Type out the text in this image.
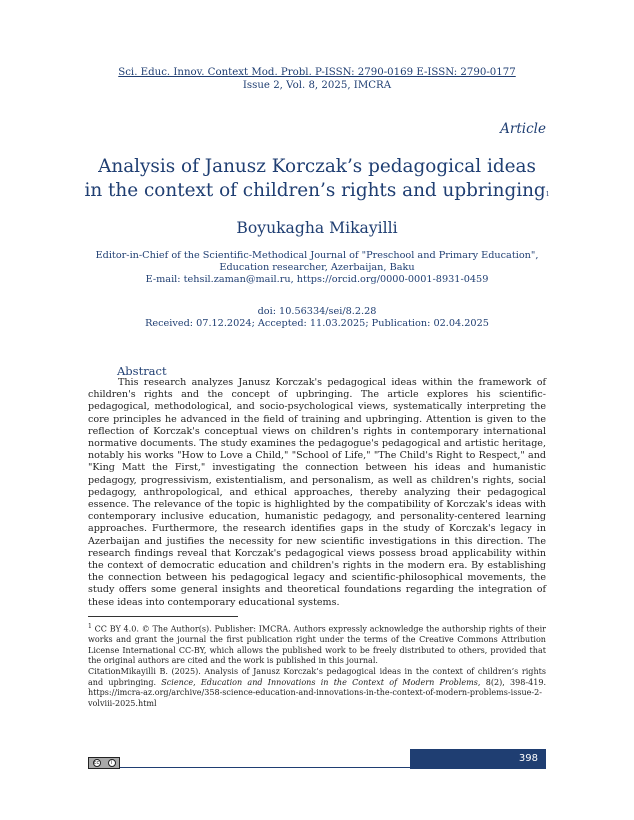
Sci. Educ. Innov. Context Mod. Probl. P-ISSN: 2790-0169 E-ISSN: 2790-0177
Issue 2, Vol. 8, 2025, IMCRA
Article
Analysis of Janusz Korczak’s pedagogical ideas
in the context of children’s rights and upbringing1
Boyukagha Mikayilli
Editor-in-Chief of the Scientific-Methodical Journal of "Preschool and Primary Education",
Education researcher, Azerbaijan, Baku
E-mail: tehsil.zaman@mail.ru, https://orcid.org/0000-0001-8931-0459
doi: 10.56334/sei/8.2.28
Received: 07.12.2024; Accepted: 11.03.2025; Publication: 02.04.2025
Abstract

This research analyzes Janusz Korczak's pedagogical ideas within the framework of children's rights and the concept of upbringing. The article explores his scientific-pedagogical, methodological, and socio-psychological views, systematically interpreting the core principles he advanced in the field of training and upbringing. Attention is given to the reflection of Korczak's conceptual views on children's rights in contemporary international normative documents. The study examines the pedagogue's pedagogical and artistic heritage, notably his works "How to Love a Child," "School of Life," "The Child's Right to Respect," and "King Matt the First," investigating the connection between his ideas and humanistic pedagogy, progressivism, existentialism, and personalism, as well as children's rights, social pedagogy, anthropological, and ethical approaches, thereby analyzing their pedagogical essence. The relevance of the topic is highlighted by the compatibility of Korczak's ideas with contemporary inclusive education, humanistic pedagogy, and personality-centered learning approaches. Furthermore, the research identifies gaps in the study of Korczak's legacy in Azerbaijan and justifies the necessity for new scientific investigations in this direction. The research findings reveal that Korczak's pedagogical views possess broad applicability within the context of democratic education and children's rights in the modern era. By establishing the connection between his pedagogical legacy and scientific-philosophical movements, the study offers some general insights and theoretical foundations regarding the integration of these ideas into contemporary educational systems.

$^1$ CC BY 4.0. © The Author(s). Publisher: IMCRA. Authors expressly acknowledge the authorship rights of their works and grant the journal the first publication right under the terms of the Creative Commons Attribution License International CC-BY, which allows the published work to be freely distributed to others, provided that the original authors are cited and the work is published in this journal.

CitationMikayilli B. (2025). Analysis of Janusz Korczak’s pedagogical ideas in the context of children’s rights and upbringing. Science, Education and Innovations in the Context of Modern Problems, 8(2), 398-419. https://imcra-az.org/archive/358-science-education-and-innovations-in-the-context-of-modern-problems-issue-2-volviii-2025.html

cc	i	398
